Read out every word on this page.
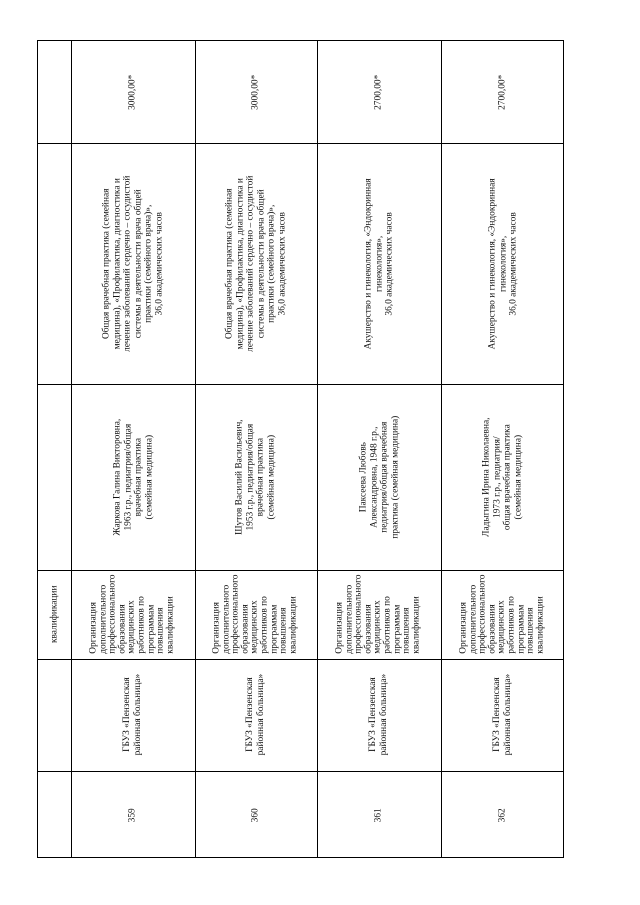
квалификации
3000,00*
Общая врачебная практика (семейная медицина), «Профилактика, диагностика и лечение заболеваний сердечно – сосудистой системы в деятельности врача общей практики (семейного врача)», 36,0 академических часов
Жаркова Галина Викторовна, 1963 г.р., педиатрия/общая врачебная практика (семейная медицина)
Организация дополнительного профессионального образования медицинских работников по программам повышения квалификации
ГБУЗ «Пензенская районная больница»
359
3000,00*
Общая врачебная практика (семейная медицина), «Профилактика, диагностика и лечение заболеваний сердечно – сосудистой системы в деятельности врача общей практики (семейного врача)», 36,0 академических часов
Шутов Василий Васильевич, 1953 г.р., педиатрия/общая врачебная практика (семейная медицина)
Организация дополнительного профессионального образования медицинских работников по программам повышения квалификации
ГБУЗ «Пензенская районная больница»
360
2700,00*
Акушерство и гинекология, «Эндокринная гинекология», 36,0 академических часов
Паксеева Любовь Александровна, 1948 г.р., педиатрия/общая врачебная практика (семейная медицина)
Организация дополнительного профессионального образования медицинских работников по программам повышения квалификации
ГБУЗ «Пензенская районная больница»
361
2700,00*
Акушерство и гинекология, «Эндокринная гинекология», 36,0 академических часов
Ладыгина Ирина Николаевна, 1973 г.р., педиатрия/ общая врачебная практика (семейная медицина)
Организация дополнительного профессионального образования медицинских работников по программам повышения квалификации
ГБУЗ «Пензенская районная больница»
362
